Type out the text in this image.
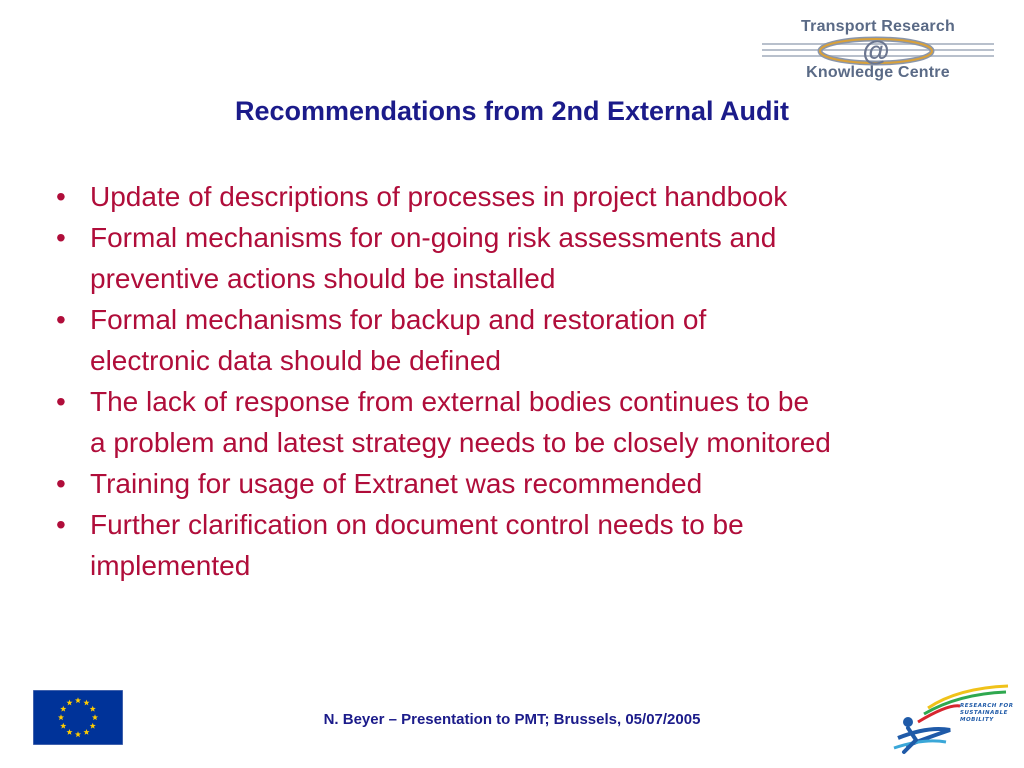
Transport Research
@
Knowledge Centre
Recommendations from 2nd External Audit
• Update of descriptions of processes in project handbook
• Formal mechanisms for on-going risk assessments and
preventive actions should be installed
• Formal mechanisms for backup and restoration of
electronic data should be defined
• The lack of response from external bodies continues to be
a problem and latest strategy needs to be closely monitored
• Training for usage of Extranet was recommended
• Further clarification on document control needs to be
implemented
N. Beyer – Presentation to PMT; Brussels, 05/07/2005
RESEARCH FOR
SUSTAINABLE
MOBILITY
